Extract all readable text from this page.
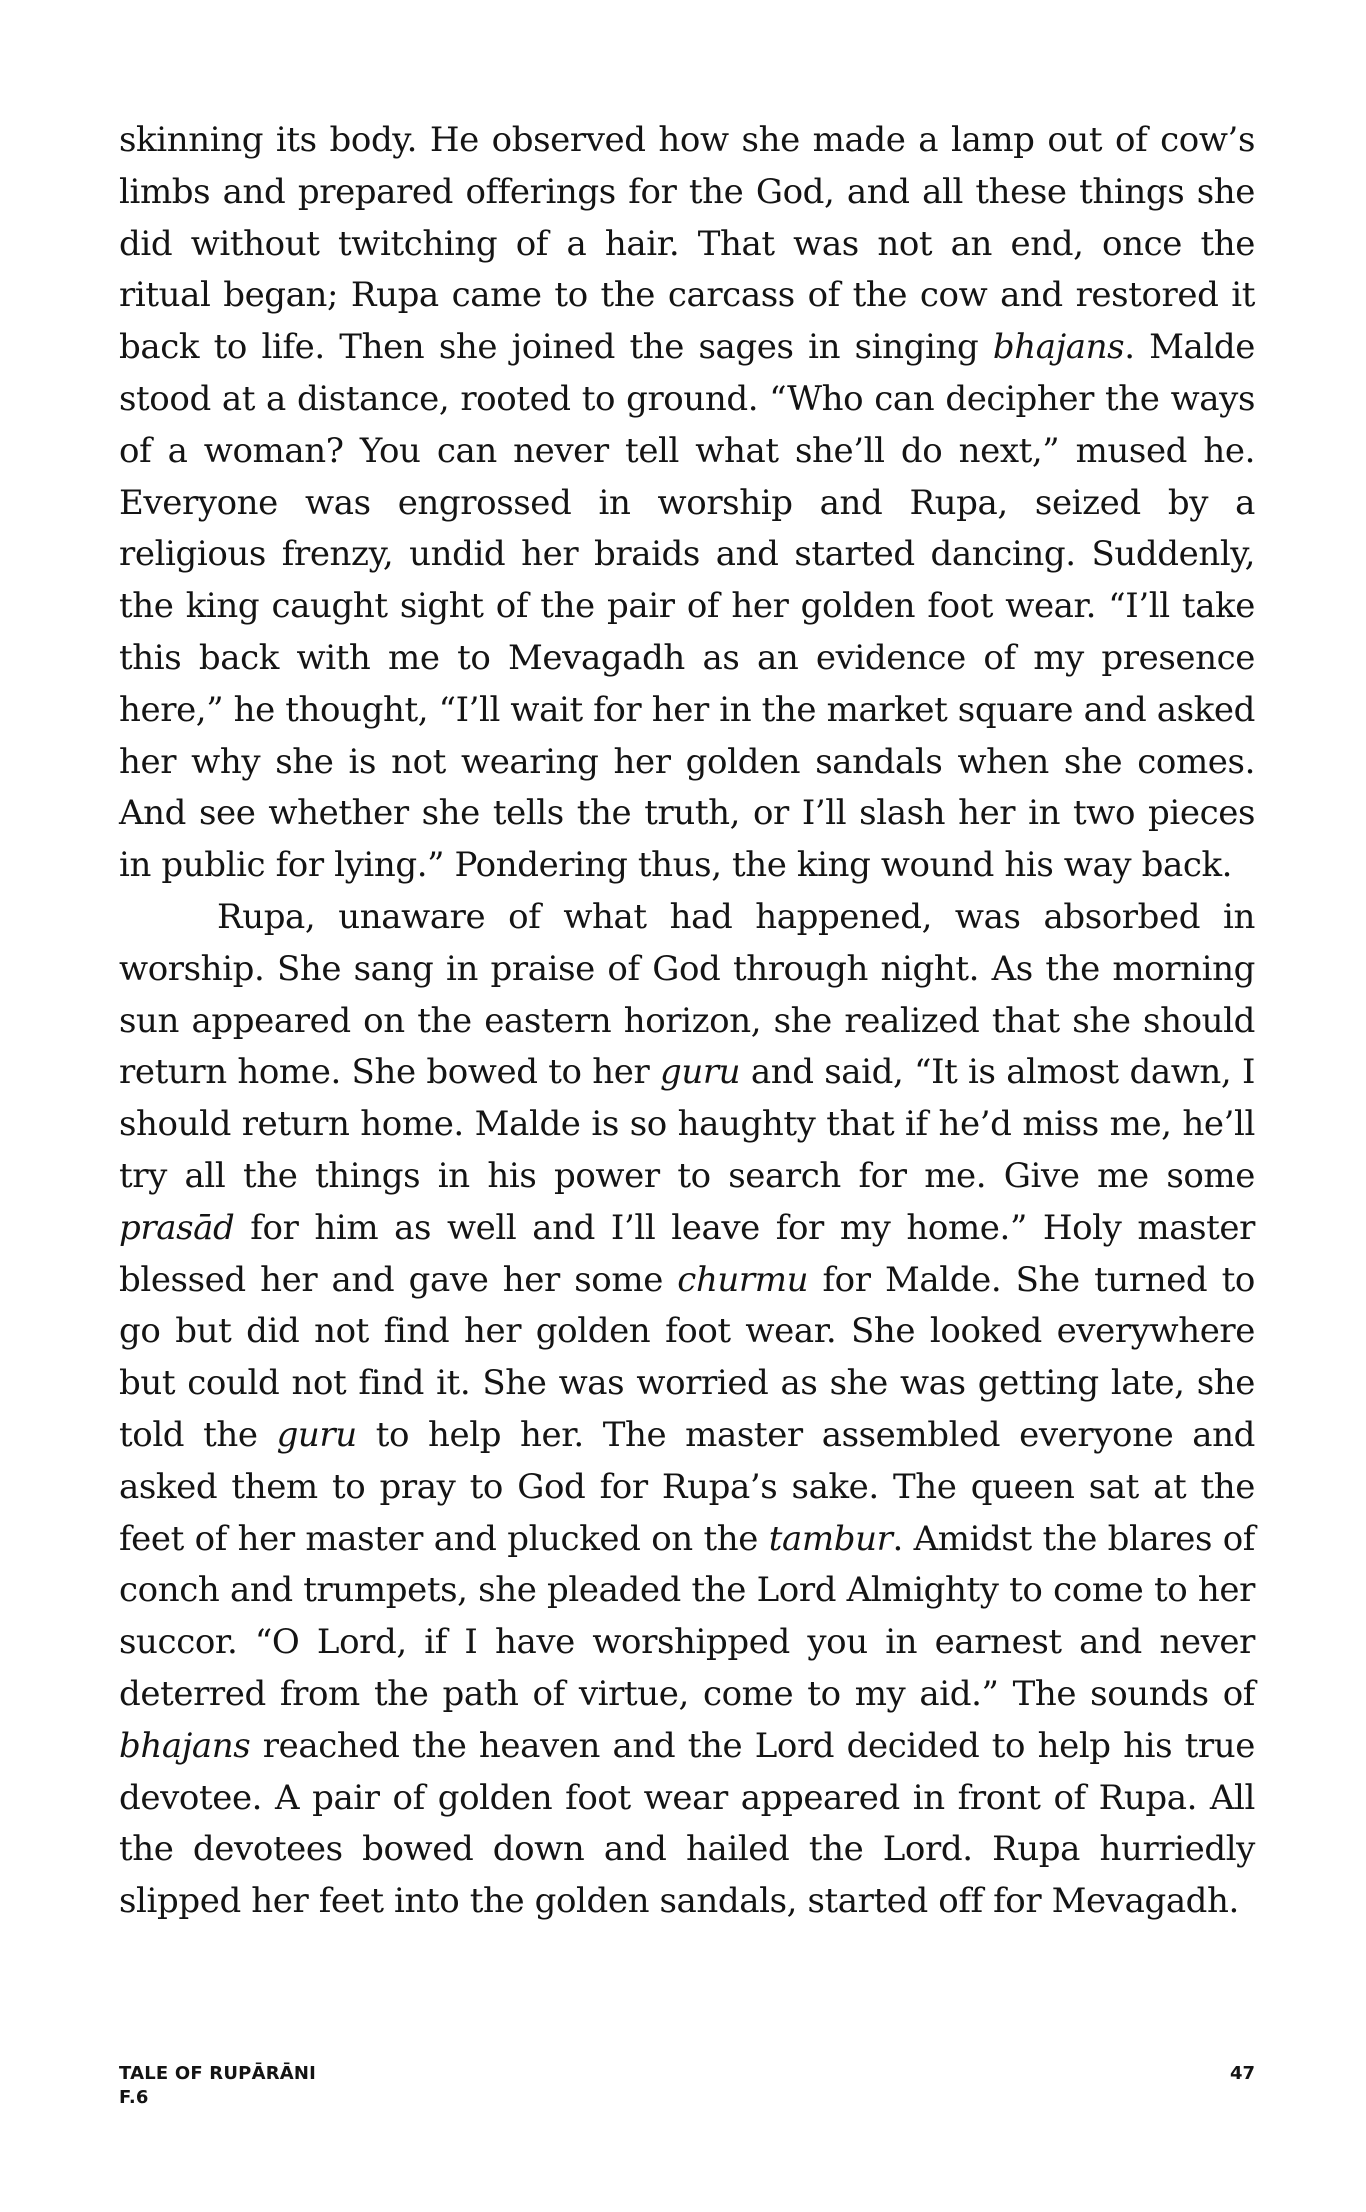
skinning its body. He observed how she made a lamp out of cow’s limbs and prepared offerings for the God, and all these things she did without twitching of a hair. That was not an end, once the ritual began; Rupa came to the carcass of the cow and restored it back to life. Then she joined the sages in singing bhajans. Malde stood at a distance, rooted to ground. “Who can decipher the ways of a woman? You can never tell what she’ll do next,” mused he. Everyone was engrossed in worship and Rupa, seized by a religious frenzy, undid her braids and started dancing. Suddenly, the king caught sight of the pair of her golden foot wear. “I’ll take this back with me to Mevagadh as an evidence of my presence here,” he thought, “I’ll wait for her in the market square and asked her why she is not wearing her golden sandals when she comes. And see whether she tells the truth, or I’ll slash her in two pieces in public for lying.” Pondering thus, the king wound his way back.

Rupa, unaware of what had happened, was absorbed in worship. She sang in praise of God through night. As the morning sun appeared on the eastern horizon, she realized that she should return home. She bowed to her guru and said, “It is almost dawn, I should return home. Malde is so haughty that if he’d miss me, he’ll try all the things in his power to search for me. Give me some prasād for him as well and I’ll leave for my home.” Holy master blessed her and gave her some churmu for Malde. She turned to go but did not find her golden foot wear. She looked everywhere but could not find it. She was worried as she was getting late, she told the guru to help her. The master assembled everyone and asked them to pray to God for Rupa’s sake. The queen sat at the feet of her master and plucked on the tambur. Amidst the blares of conch and trumpets, she pleaded the Lord Almighty to come to her succor. “O Lord, if I have worshipped you in earnest and never deterred from the path of virtue, come to my aid.” The sounds of bhajans reached the heaven and the Lord decided to help his true devotee. A pair of golden foot wear appeared in front of Rupa. All the devotees bowed down and hailed the Lord. Rupa hurriedly slipped her feet into the golden sandals, started off for Mevagadh.

TALE OF RUPĀRĀNI
F.6
47
